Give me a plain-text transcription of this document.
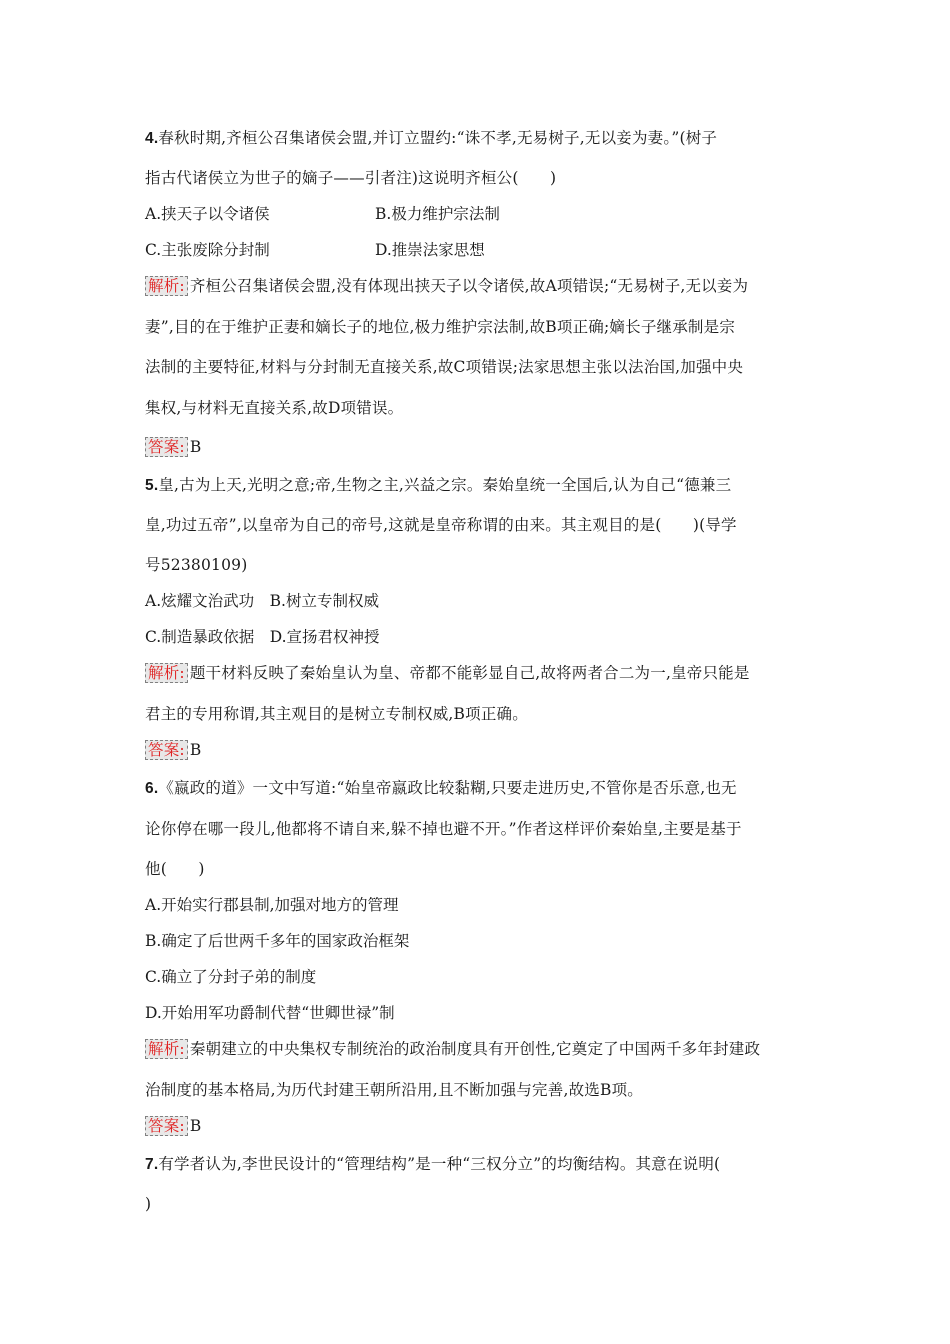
4.春秋时期,齐桓公召集诸侯会盟,并订立盟约:“诛不孝,无易树子,无以妾为妻。”(树子
指古代诸侯立为世子的嫡子——引者注)这说明齐桓公(　　)
A.挟天子以令诸侯	B.极力维护宗法制
C.主张废除分封制	D.推崇法家思想
解析: 齐桓公召集诸侯会盟,没有体现出挟天子以令诸侯,故A项错误;“无易树子,无以妾为
妻”,目的在于维护正妻和嫡长子的地位,极力维护宗法制,故B项正确;嫡长子继承制是宗
法制的主要特征,材料与分封制无直接关系,故C项错误;法家思想主张以法治国,加强中央
集权,与材料无直接关系,故D项错误。
答案: B
5.皇,古为上天,光明之意;帝,生物之主,兴益之宗。秦始皇统一全国后,认为自己“德兼三
皇,功过五帝”,以皇帝为自己的帝号,这就是皇帝称谓的由来。其主观目的是(　　)(导学
号52380109)
A.炫耀文治武功　B.树立专制权威
C.制造暴政依据　D.宣扬君权神授
解析: 题干材料反映了秦始皇认为皇、帝都不能彰显自己,故将两者合二为一,皇帝只能是
君主的专用称谓,其主观目的是树立专制权威,B项正确。
答案: B
6.《嬴政的道》一文中写道:“始皇帝嬴政比较黏糊,只要走进历史,不管你是否乐意,也无
论你停在哪一段儿,他都将不请自来,躲不掉也避不开。”作者这样评价秦始皇,主要是基于
他(　　)
A.开始实行郡县制,加强对地方的管理
B.确定了后世两千多年的国家政治框架
C.确立了分封子弟的制度
D.开始用军功爵制代替“世卿世禄”制
解析: 秦朝建立的中央集权专制统治的政治制度具有开创性,它奠定了中国两千多年封建政
治制度的基本格局,为历代封建王朝所沿用,且不断加强与完善,故选B项。
答案: B
7.有学者认为,李世民设计的“管理结构”是一种“三权分立”的均衡结构。其意在说明(
)
